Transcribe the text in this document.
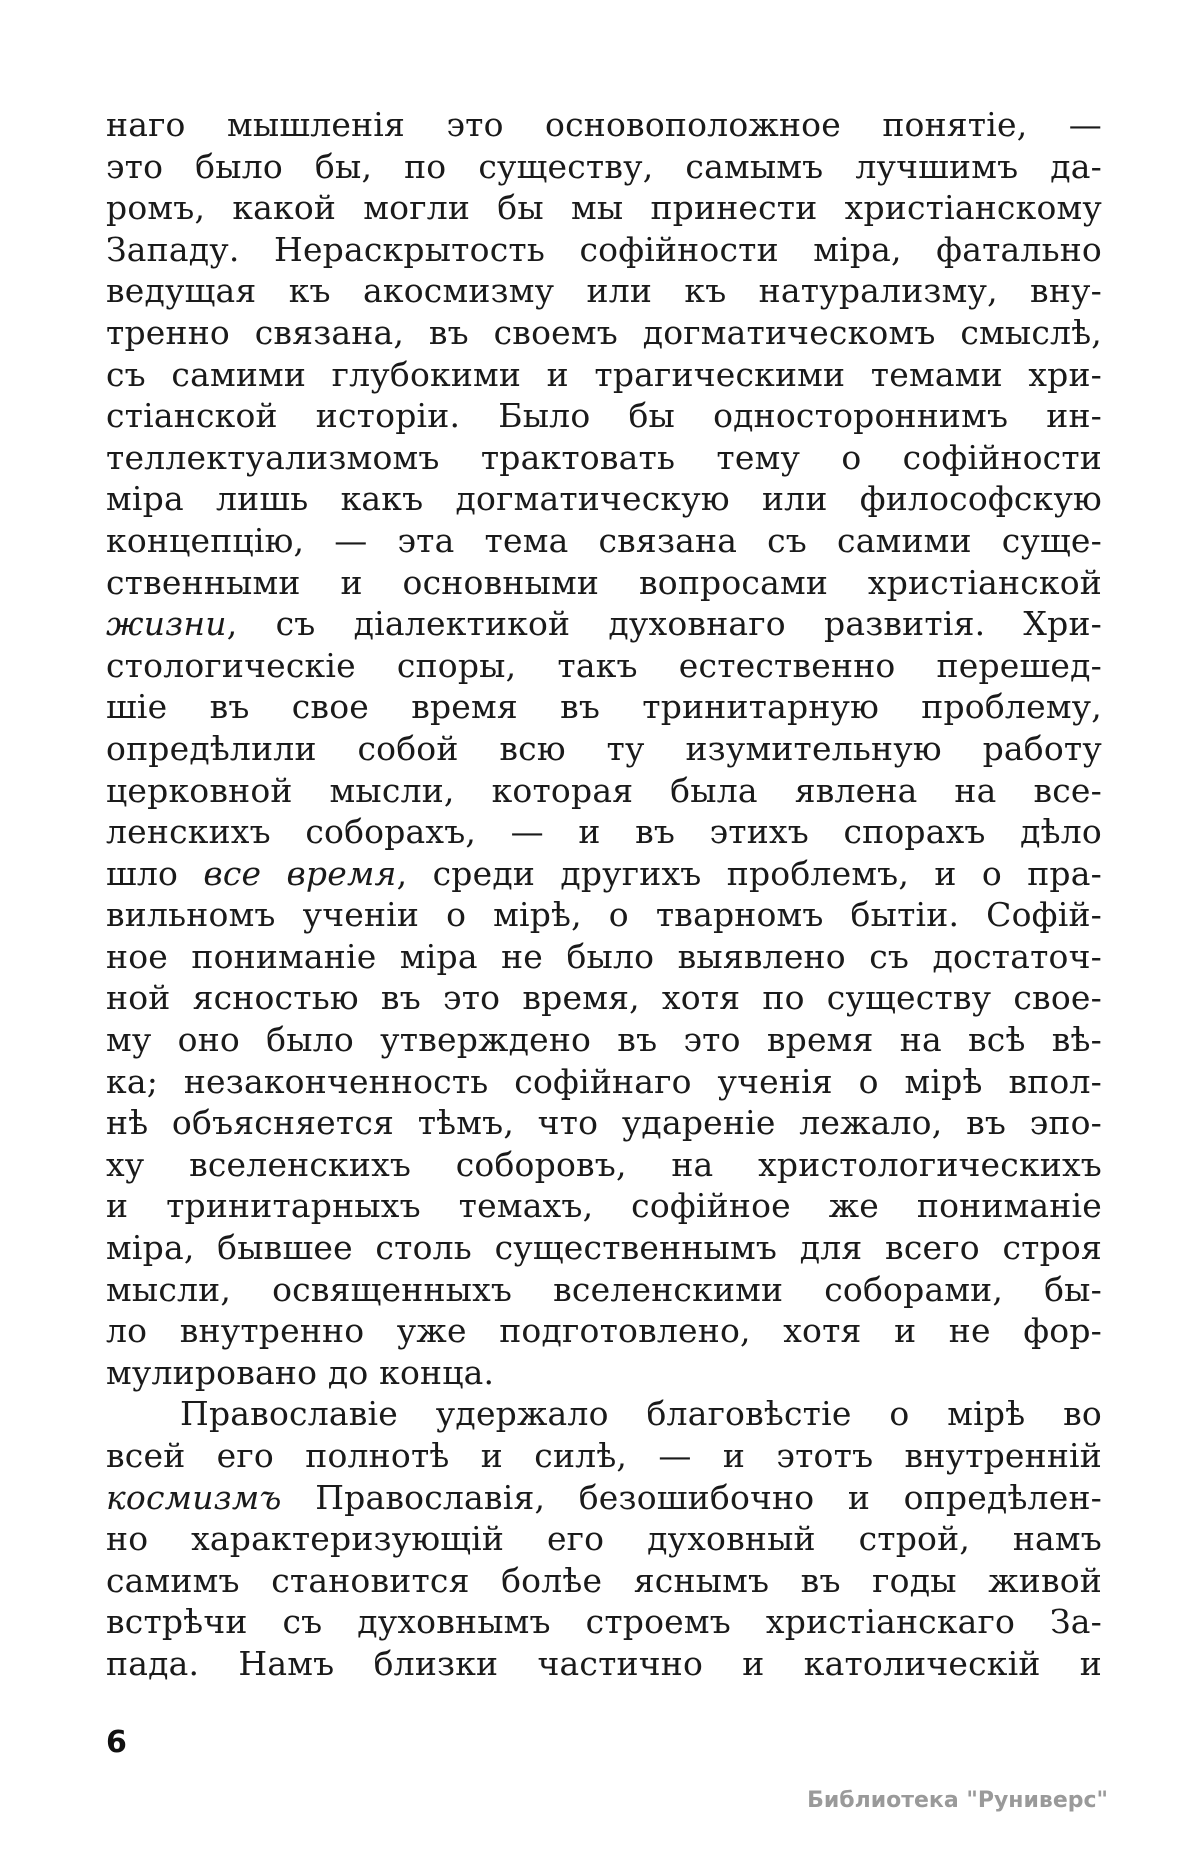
наго мышленія это основоположное понятіе, —
это было бы, по существу, самымъ лучшимъ да-
ромъ, какой могли бы мы принести христіанскому
Западу. Нераскрытость софійности міра, фатально
ведущая къ акосмизму или къ натурализму, вну-
тренно связана, въ своемъ догматическомъ смыслѣ,
съ самими глубокими и трагическими темами хри-
стіанской исторіи. Было бы одностороннимъ ин-
теллектуализмомъ трактовать тему о софійности
міра лишь какъ догматическую или философскую
концепцію, — эта тема связана съ самими суще-
ственными и основными вопросами христіанской
жизни, съ діалектикой духовнаго развитія. Хри-
стологическіе споры, такъ естественно перешед-
шіе въ свое время въ тринитарную проблему,
опредѣлили собой всю ту изумительную работу
церковной мысли, которая была явлена на все-
ленскихъ соборахъ, — и въ этихъ спорахъ дѣло
шло все время, среди другихъ проблемъ, и о пра-
вильномъ ученіи о мірѣ, о тварномъ бытіи. Софій-
ное пониманіе міра не было выявлено съ достаточ-
ной ясностью въ это время, хотя по существу свое-
му оно было утверждено въ это время на всѣ вѣ-
ка; незаконченность софійнаго ученія о мірѣ впол-
нѣ объясняется тѣмъ, что удареніе лежало, въ эпо-
ху вселенскихъ соборовъ, на христологическихъ
и тринитарныхъ темахъ, софійное же пониманіе
міра, бывшее столь существеннымъ для всего строя
мысли, освященныхъ вселенскими соборами, бы-
ло внутренно уже подготовлено, хотя и не фор-
мулировано до конца.
Православіе удержало благовѣстіе о мірѣ во
всей его полнотѣ и силѣ, — и этотъ внутренній
космизмъ Православія, безошибочно и опредѣлен-
но характеризующій его духовный строй, намъ
самимъ становится болѣе яснымъ въ годы живой
встрѣчи съ духовнымъ строемъ христіанскаго За-
пада. Намъ близки частично и католическій и
6
Библиотека "Руниверс"
